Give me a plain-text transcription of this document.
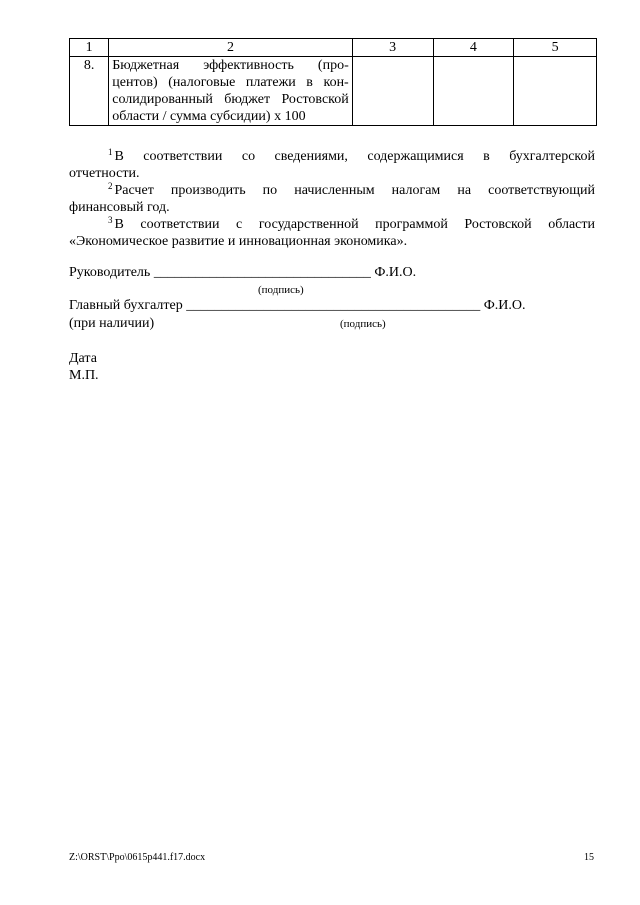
1	2	3	4	5
8.	Бюджетная эффективность (про-
центов) (налоговые платежи в кон-
солидированный бюджет Ростовской
области / сумма субсидии) х 100			

$^1$ В соответствии со сведениями, содержащимися в бухгалтерской

отчетности.

$^2$ Расчет производить по начисленным налогам на соответствующий

финансовый год.

$^3$ В соответствии с государственной программой Ростовской области

«Экономическое развитие и инновационная экономика».

Руководитель _______________________________ Ф.И.О.
(подпись)
Главный бухгалтер __________________________________________ Ф.И.О.
(при наличии)	(подпись)
Дата
М.П.
Z:\ORST\Ppo\0615p441.f17.docx	15
